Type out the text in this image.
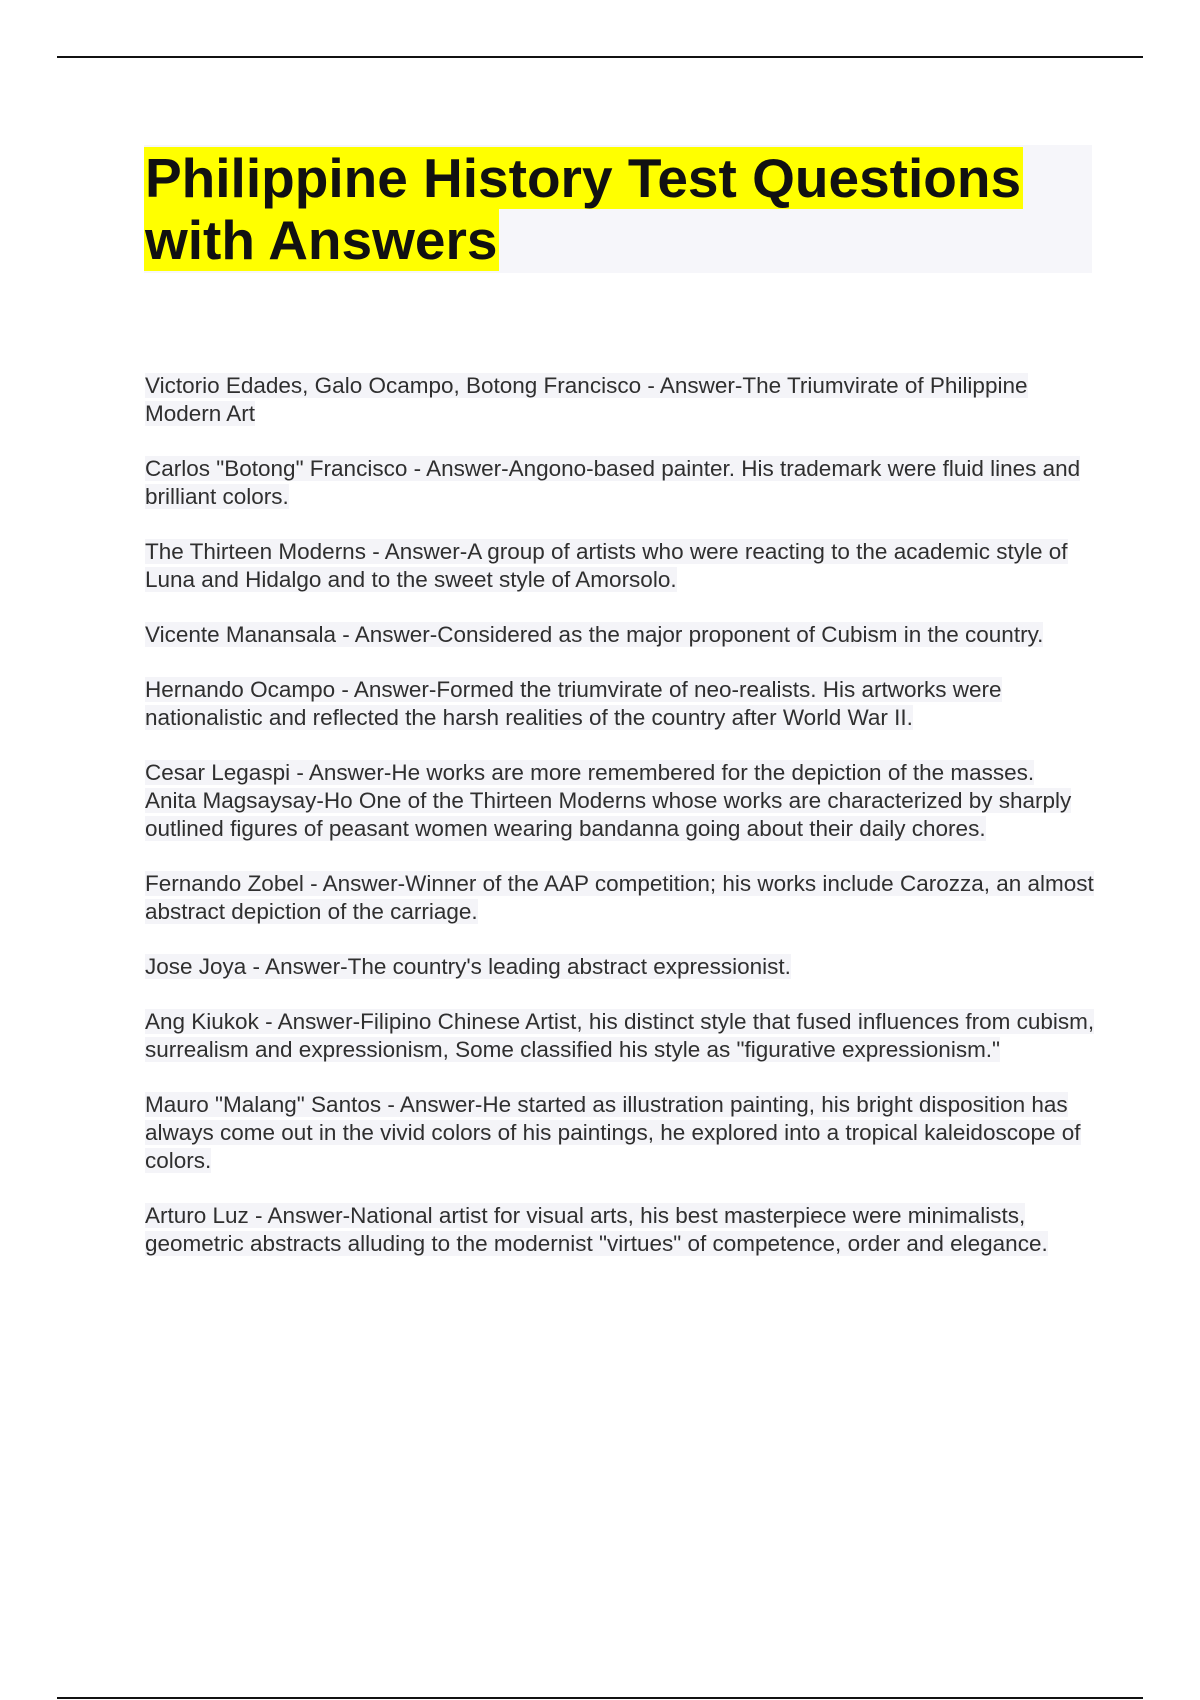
Philippine History Test Questions with Answers
Victorio Edades, Galo Ocampo, Botong Francisco - Answer-The Triumvirate of Philippine Modern Art
Carlos "Botong" Francisco - Answer-Angono-based painter. His trademark were fluid lines and brilliant colors.
The Thirteen Moderns - Answer-A group of artists who were reacting to the academic style of Luna and Hidalgo and to the sweet style of Amorsolo.
Vicente Manansala - Answer-Considered as the major proponent of Cubism in the country.
Hernando Ocampo - Answer-Formed the triumvirate of neo-realists. His artworks were nationalistic and reflected the harsh realities of the country after World War II.
Cesar Legaspi - Answer-He works are more remembered for the depiction of the masses.
Anita Magsaysay-Ho One of the Thirteen Moderns whose works are characterized by sharply outlined figures of peasant women wearing bandanna going about their daily chores.
Fernando Zobel - Answer-Winner of the AAP competition; his works include Carozza, an almost abstract depiction of the carriage.
Jose Joya - Answer-The country's leading abstract expressionist.
Ang Kiukok - Answer-Filipino Chinese Artist, his distinct style that fused influences from cubism, surrealism and expressionism, Some classified his style as "figurative expressionism."
Mauro "Malang" Santos - Answer-He started as illustration painting, his bright disposition has always come out in the vivid colors of his paintings, he explored into a tropical kaleidoscope of colors.
Arturo Luz - Answer-National artist for visual arts, his best masterpiece were minimalists, geometric abstracts alluding to the modernist "virtues" of competence, order and elegance.
